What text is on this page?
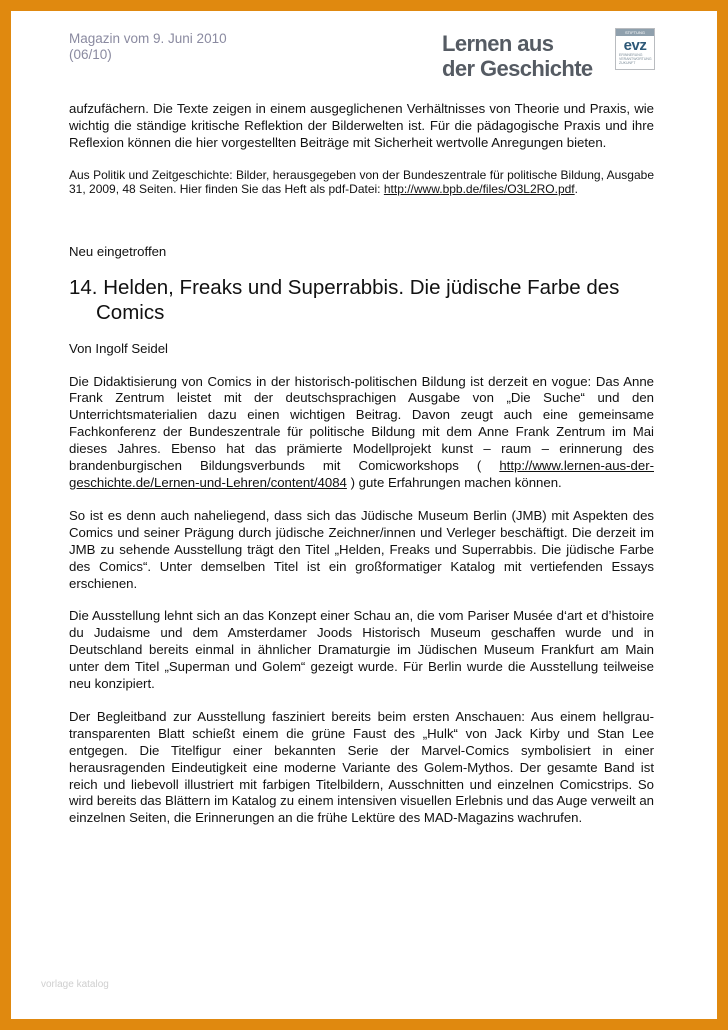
Magazin vom 9. Juni 2010
(06/10)	Lernen aus
der Geschichte
STIFTUNG
evz
ERINNERUNG VERANTWORTUNG ZUKUNFT

aufzufächern. Die Texte zeigen in einem ausgeglichenen Verhältnisses von Theorie und Praxis, wie wichtig die ständige kritische Reflektion der Bilderwelten ist. Für die pädagogische Praxis und ihre Reflexion können die hier vorgestellten Beiträge mit Sicherheit wertvolle Anregungen bieten.

Aus Politik und Zeitgeschichte: Bilder, herausgegeben von der Bundeszentrale für politische Bildung, Ausgabe 31, 2009, 48 Seiten. Hier finden Sie das Heft als pdf-Datei: http://www.bpb.de/files/O3L2RO.pdf.

Neu eingetroffen

14. Helden, Freaks und Superrabbis. Die jüdische Farbe des Comics

Von Ingolf Seidel

Die Didaktisierung von Comics in der historisch-politischen Bildung ist derzeit en vogue: Das Anne Frank Zentrum leistet mit der deutschsprachigen Ausgabe von „Die Suche“ und den Unterrichtsmaterialien dazu einen wichtigen Beitrag. Davon zeugt auch eine gemeinsame Fachkonferenz der Bundeszentrale für politische Bildung mit dem Anne Frank Zentrum im Mai dieses Jahres. Ebenso hat das prämierte Modellprojekt kunst – raum – erinnerung des brandenburgischen Bildungsverbunds mit Comicworkshops ( http://www.lernen-aus-der-geschichte.de/Lernen-und-Lehren/content/4084 ) gute Erfahrungen machen können.

So ist es denn auch naheliegend, dass sich das Jüdische Museum Berlin (JMB) mit Aspekten des Comics und seiner Prägung durch jüdische Zeichner/innen und Verleger beschäftigt. Die derzeit im JMB zu sehende Ausstellung trägt den Titel „Helden, Freaks und Superrabbis. Die jüdische Farbe des Comics“. Unter demselben Titel ist ein großformatiger Katalog mit vertiefenden Essays erschienen.

Die Ausstellung lehnt sich an das Konzept einer Schau an, die vom Pariser Musée d‘art et d’histoire du Judaisme und dem Amsterdamer Joods Historisch Museum geschaffen wurde und in Deutschland bereits einmal in ähnlicher Dramaturgie im Jüdischen Museum Frankfurt am Main unter dem Titel „Superman und Golem“ gezeigt wurde. Für Berlin wurde die Ausstellung teilweise neu konzipiert.

Der Begleitband zur Ausstellung fasziniert bereits beim ersten Anschauen: Aus einem hellgrau-transparenten Blatt schießt einem die grüne Faust des „Hulk“ von Jack Kirby und Stan Lee entgegen. Die Titelfigur einer bekannten Serie der Marvel-Comics symbolisiert in einer herausragenden Eindeutigkeit eine moderne Variante des Golem-Mythos. Der gesamte Band ist reich und liebevoll illustriert mit farbigen Titelbildern, Ausschnitten und einzelnen Comicstrips. So wird bereits das Blättern im Katalog zu einem intensiven visuellen Erlebnis und das Auge verweilt an einzelnen Seiten, die Erinnerungen an die frühe Lektüre des MAD-Magazins wachrufen.

vorlage katalog
